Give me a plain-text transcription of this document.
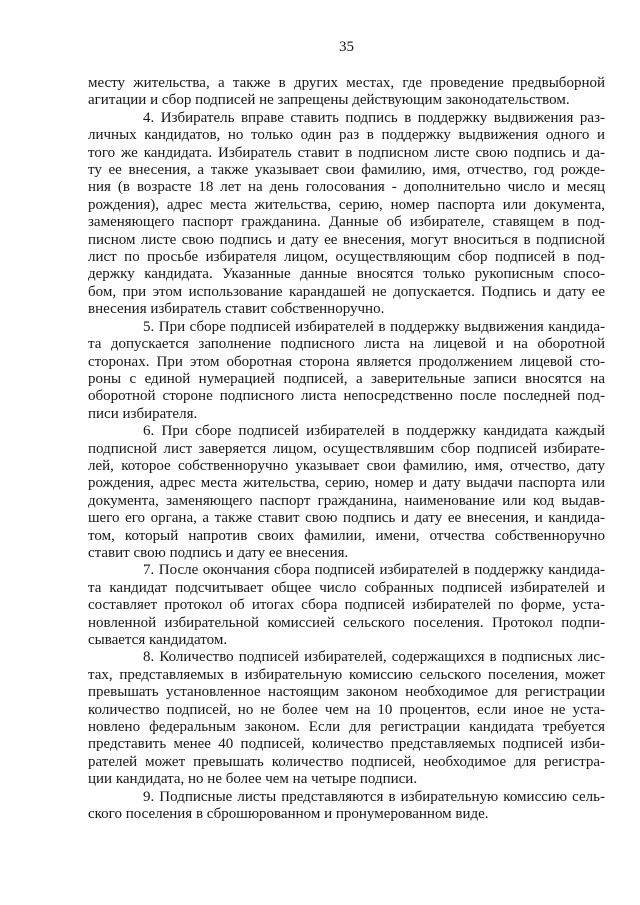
35
месту жительства, а также в других местах, где проведение предвыборной
агитации и сбор подписей не запрещены действующим законодательством.
4. Избиратель вправе ставить подпись в поддержку выдвижения раз-
личных кандидатов, но только один раз в поддержку выдвижения одного и
того же кандидата. Избиратель ставит в подписном листе свою подпись и да-
ту ее внесения, а также указывает свои фамилию, имя, отчество, год рожде-
ния (в возрасте 18 лет на день голосования - дополнительно число и месяц
рождения), адрес места жительства, серию, номер паспорта или документа,
заменяющего паспорт гражданина. Данные об избирателе, ставящем в под-
писном листе свою подпись и дату ее внесения, могут вноситься в подписной
лист по просьбе избирателя лицом, осуществляющим сбор подписей в под-
держку кандидата. Указанные данные вносятся только рукописным спосо-
бом, при этом использование карандашей не допускается. Подпись и дату ее
внесения избиратель ставит собственноручно.
5. При сборе подписей избирателей в поддержку выдвижения кандида-
та допускается заполнение подписного листа на лицевой и на оборотной
сторонах. При этом оборотная сторона является продолжением лицевой сто-
роны с единой нумерацией подписей, а заверительные записи вносятся на
оборотной стороне подписного листа непосредственно после последней под-
писи избирателя.
6. При сборе подписей избирателей в поддержку кандидата каждый
подписной лист заверяется лицом, осуществлявшим сбор подписей избирате-
лей, которое собственноручно указывает свои фамилию, имя, отчество, дату
рождения, адрес места жительства, серию, номер и дату выдачи паспорта или
документа, заменяющего паспорт гражданина, наименование или код выдав-
шего его органа, а также ставит свою подпись и дату ее внесения, и кандида-
том, который напротив своих фамилии, имени, отчества собственноручно
ставит свою подпись и дату ее внесения.
7. После окончания сбора подписей избирателей в поддержку кандида-
та кандидат подсчитывает общее число собранных подписей избирателей и
составляет протокол об итогах сбора подписей избирателей по форме, уста-
новленной избирательной комиссией сельского поселения. Протокол подпи-
сывается кандидатом.
8. Количество подписей избирателей, содержащихся в подписных лис-
тах, представляемых в избирательную комиссию сельского поселения, может
превышать установленное настоящим законом необходимое для регистрации
количество подписей, но не более чем на 10 процентов, если иное не уста-
новлено федеральным законом. Если для регистрации кандидата требуется
представить менее 40 подписей, количество представляемых подписей изби-
рателей может превышать количество подписей, необходимое для регистра-
ции кандидата, но не более чем на четыре подписи.
9. Подписные листы представляются в избирательную комиссию сель-
ского поселения в сброшюрованном и пронумерованном виде.
